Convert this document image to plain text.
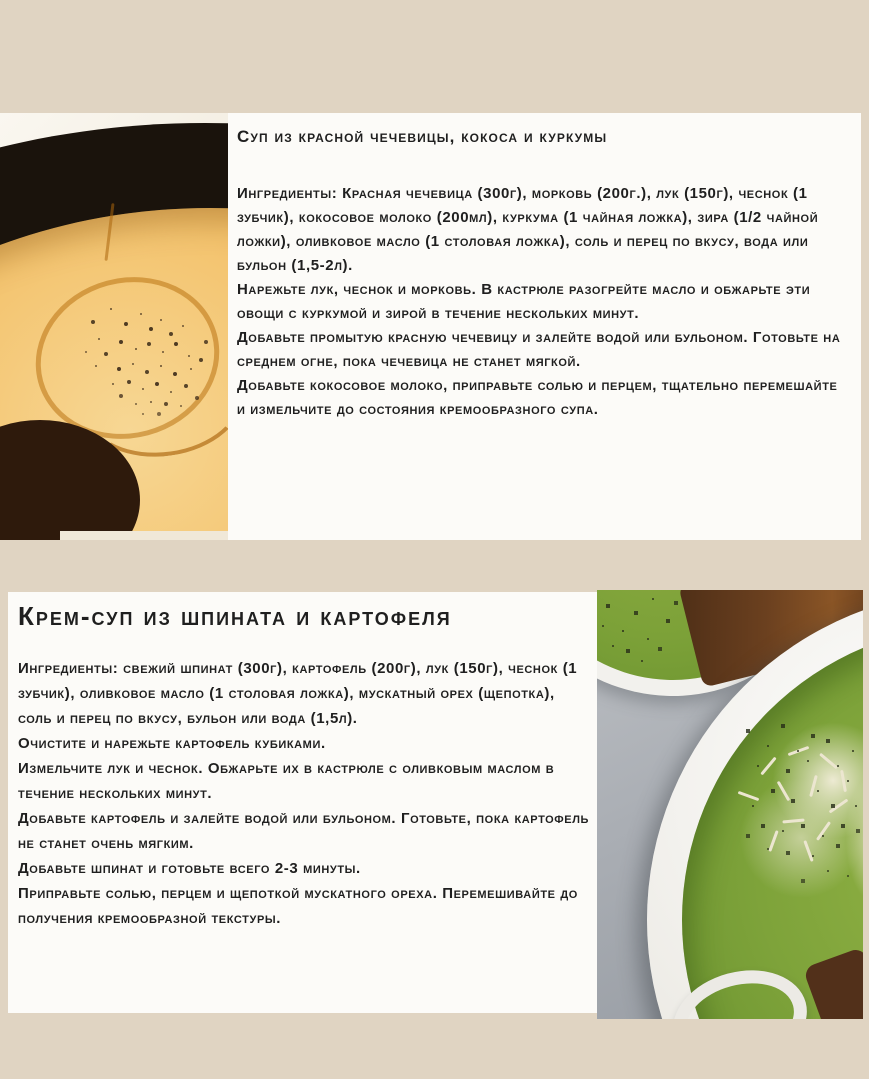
Суп из красной чечевицы, кокоса и куркумы

Ингредиенты: Красная чечевица (300г), морковь (200г.), лук (150г), чеснок (1 зубчик), кокосовое молоко (200мл), куркума (1 чайная ложка), зира (1/2 чайной ложки), оливковое масло (1 столовая ложка), соль и перец по вкусу, вода или бульон (1,5-2л).

Нарежьте лук, чеснок и морковь. В кастрюле разогрейте масло и обжарьте эти овощи с куркумой и зирой в течение нескольких минут.

Добавьте промытую красную чечевицу и залейте водой или бульоном. Готовьте на среднем огне, пока чечевица не станет мягкой.

Добавьте кокосовое молоко, приправьте солью и перцем, тщательно перемешайте и измельчите до состояния кремообразного супа.

Крем-суп из шпината и картофеля

Ингредиенты: свежий шпинат (300г), картофель (200г), лук (150г), чеснок (1 зубчик), оливковое масло (1 столовая ложка), мускатный орех (щепотка), соль и перец по вкусу, бульон или вода (1,5л).

Очистите и нарежьте картофель кубиками.

Измельчите лук и чеснок. Обжарьте их в кастрюле с оливковым маслом в течение нескольких минут.

Добавьте картофель и залейте водой или бульоном. Готовьте, пока картофель не станет очень мягким.

Добавьте шпинат и готовьте всего 2-3 минуты.

Приправьте солью, перцем и щепоткой мускатного ореха. Перемешивайте до получения кремообразной текстуры.
